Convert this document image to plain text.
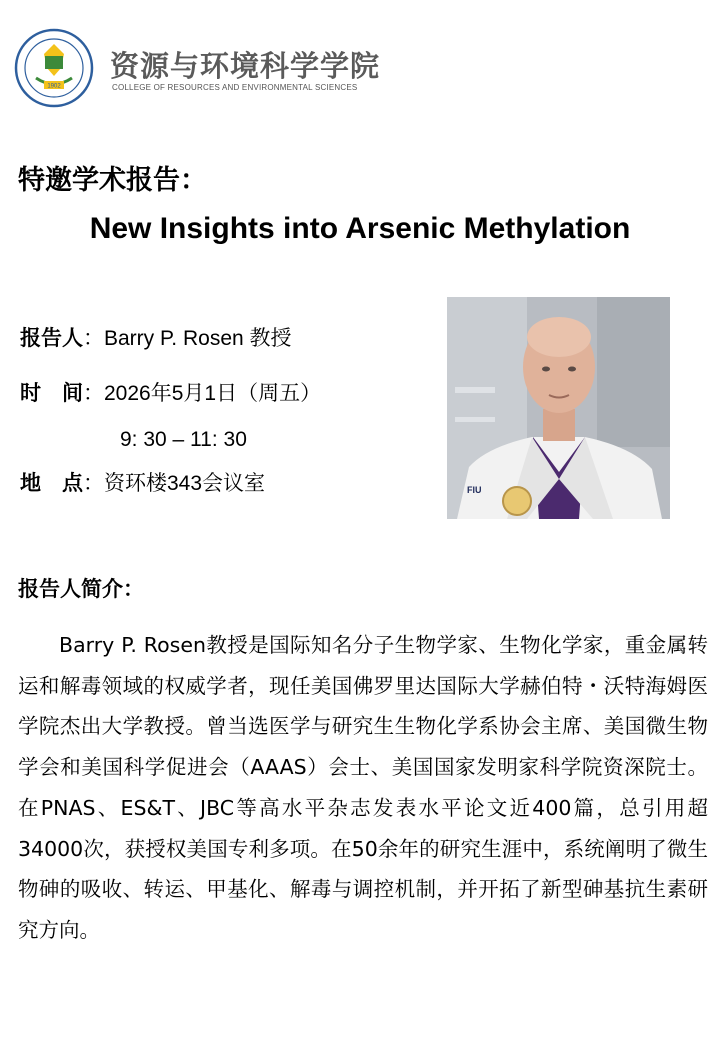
1902
资源与环境科学学院
COLLEGE OF RESOURCES AND ENVIRONMENTAL SCIENCES
特邀学术报告：
New Insights into Arsenic Methylation
报告人：Barry P. Rosen 教授
时　间：2026年5月1日（周五）
9: 30 – 11: 30
地　点：资环楼343会议室	FIU
报告人简介：

Barry P. Rosen教授是国际知名分子生物学家、生物化学家，重金属转运和解毒领域的权威学者，现任美国佛罗里达国际大学赫伯特・沃特海姆医学院杰出大学教授。曾当选医学与研究生生物化学系协会主席、美国微生物学会和美国科学促进会（AAAS）会士、美国国家发明家科学院资深院士。在PNAS、ES&T、JBC等高水平杂志发表水平论文近400篇，总引用超34000次，获授权美国专利多项。在50余年的研究生涯中，系统阐明了微生物砷的吸收、转运、甲基化、解毒与调控机制，并开拓了新型砷基抗生素研究方向。
